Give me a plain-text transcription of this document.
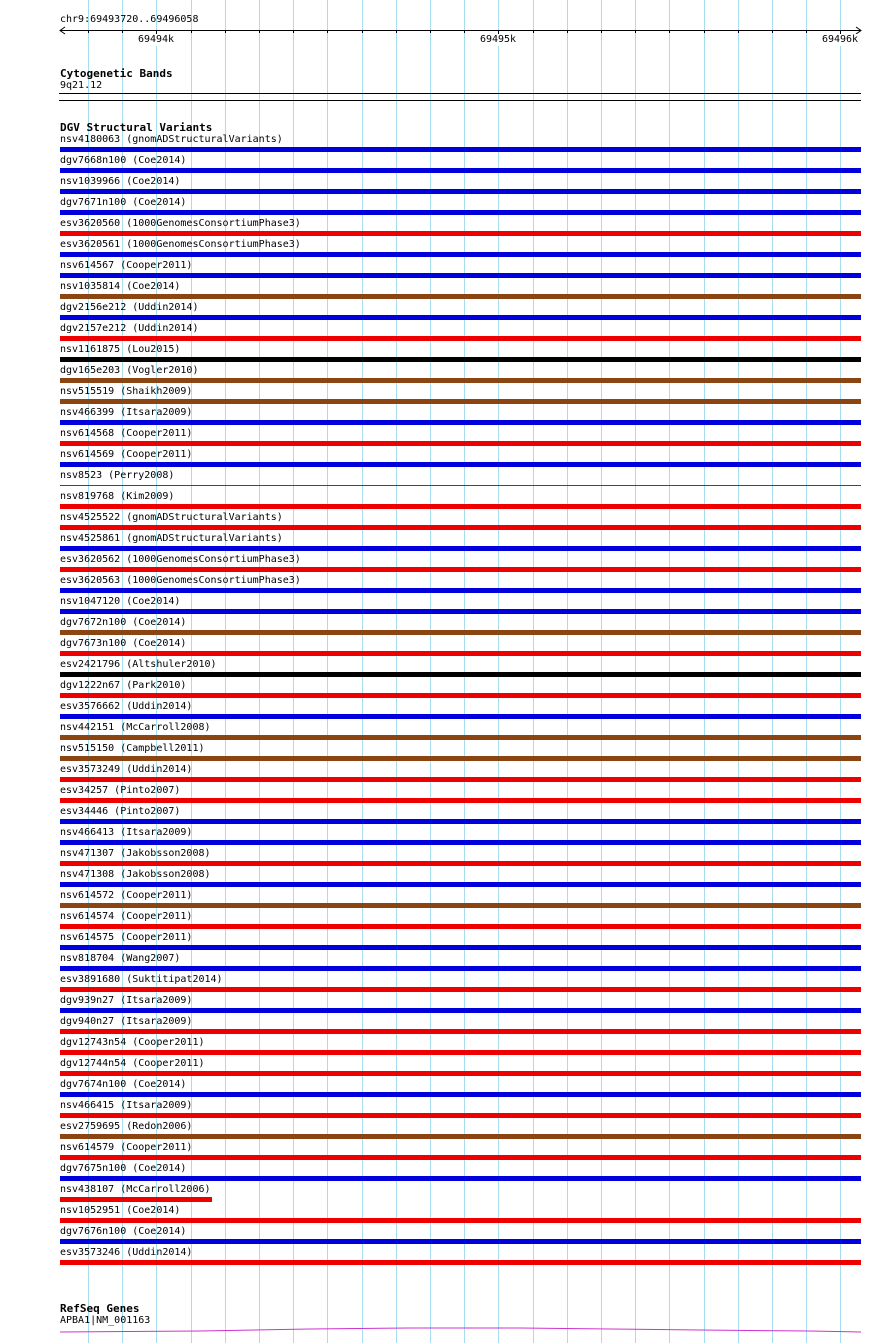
chr9:69493720..69496058
69494k	69495k	69496k
Cytogenetic Bands
9q21.12
DGV Structural Variants
nsv4180063 (gnomADStructuralVariants)
dgv7668n100 (Coe2014)
nsv1039966 (Coe2014)
dgv7671n100 (Coe2014)
esv3620560 (1000GenomesConsortiumPhase3)
esv3620561 (1000GenomesConsortiumPhase3)
nsv614567 (Cooper2011)
nsv1035814 (Coe2014)
dgv2156e212 (Uddin2014)
dgv2157e212 (Uddin2014)
nsv1161875 (Lou2015)
dgv165e203 (Vogler2010)
nsv515519 (Shaikh2009)
nsv466399 (Itsara2009)
nsv614568 (Cooper2011)
nsv614569 (Cooper2011)
nsv8523 (Perry2008)
nsv819768 (Kim2009)
nsv4525522 (gnomADStructuralVariants)
nsv4525861 (gnomADStructuralVariants)
esv3620562 (1000GenomesConsortiumPhase3)
esv3620563 (1000GenomesConsortiumPhase3)
nsv1047120 (Coe2014)
dgv7672n100 (Coe2014)
dgv7673n100 (Coe2014)
esv2421796 (Altshuler2010)
dgv1222n67 (Park2010)
esv3576662 (Uddin2014)
nsv442151 (McCarroll2008)
nsv515150 (Campbell2011)
esv3573249 (Uddin2014)
esv34257 (Pinto2007)
esv34446 (Pinto2007)
nsv466413 (Itsara2009)
nsv471307 (Jakobsson2008)
nsv471308 (Jakobsson2008)
nsv614572 (Cooper2011)
nsv614574 (Cooper2011)
nsv614575 (Cooper2011)
nsv818704 (Wang2007)
esv3891680 (Suktitipat2014)
dgv939n27 (Itsara2009)
dgv940n27 (Itsara2009)
dgv12743n54 (Cooper2011)
dgv12744n54 (Cooper2011)
dgv7674n100 (Coe2014)
nsv466415 (Itsara2009)
esv2759695 (Redon2006)
nsv614579 (Cooper2011)
dgv7675n100 (Coe2014)
nsv438107 (McCarroll2006)
nsv1052951 (Coe2014)
dgv7676n100 (Coe2014)
esv3573246 (Uddin2014)
RefSeq Genes
APBA1|NM_001163
